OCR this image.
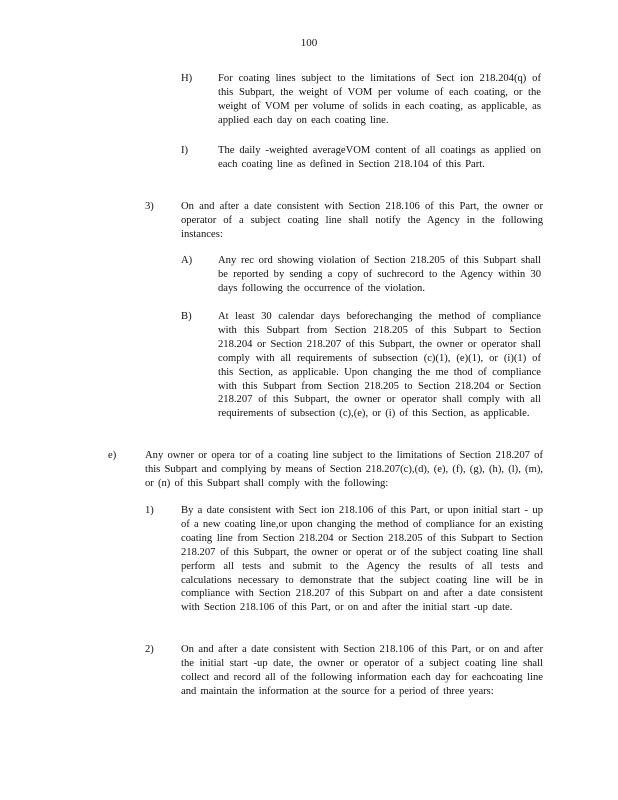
100
H) For coating lines subject to the limitations of Sect ion 218.204(q) of this Subpart, the weight of VOM per volume of each coating, or the weight of VOM per volume of solids in each coating, as applicable, as applied each day on each coating line.
I)	The daily -weighted averageVOM content of all coatings as applied on each coating line as defined in Section 218.104 of this Part.
3)	On and after a date consistent with Section 218.106 of this Part, the owner or operator of a subject coating line shall notify the Agency in the following instances:
A) Any rec ord showing violation of Section 218.205 of this Subpart shall be reported by sending a copy of suchrecord to the Agency within 30 days following the occurrence of the violation.
B) At least 30 calendar days beforechanging the method of compliance with this Subpart from Section 218.205 of this Subpart to Section 218.204 or Section 218.207 of this Subpart, the owner or operator shall comply with all requirements of subsection (c)(1), (e)(1), or (i)(1) of this Section, as applicable. Upon changing the me thod of compliance with this Subpart from Section 218.205 to Section 218.204 or Section 218.207 of this Subpart, the owner or operator shall comply with all requirements of subsection (c),(e), or (i) of this Section, as applicable.
e)	Any owner or opera tor of a coating line subject to the limitations of Section 218.207 of this Subpart and complying by means of Section 218.207(c),(d), (e), (f), (g), (h), (l), (m), or (n) of this Subpart shall comply with the following:
1)	By a date consistent with Sect ion 218.106 of this Part, or upon initial start - up of a new coating line,or upon changing the method of compliance for an existing coating line from Section 218.204 or Section 218.205 of this Subpart to Section 218.207 of this Subpart, the owner or operat or of the subject coating line shall perform all tests and submit to the Agency the results of all tests and calculations necessary to demonstrate that the subject coating line will be in compliance with Section 218.207 of this Subpart on and after a date consistent with Section 218.106 of this Part, or on and after the initial start -up date.
2)	On and after a date consistent with Section 218.106 of this Part, or on and after the initial start -up date, the owner or operator of a subject coating line shall collect and record all of the following information each day for eachcoating line and maintain the information at the source for a period of three years:
